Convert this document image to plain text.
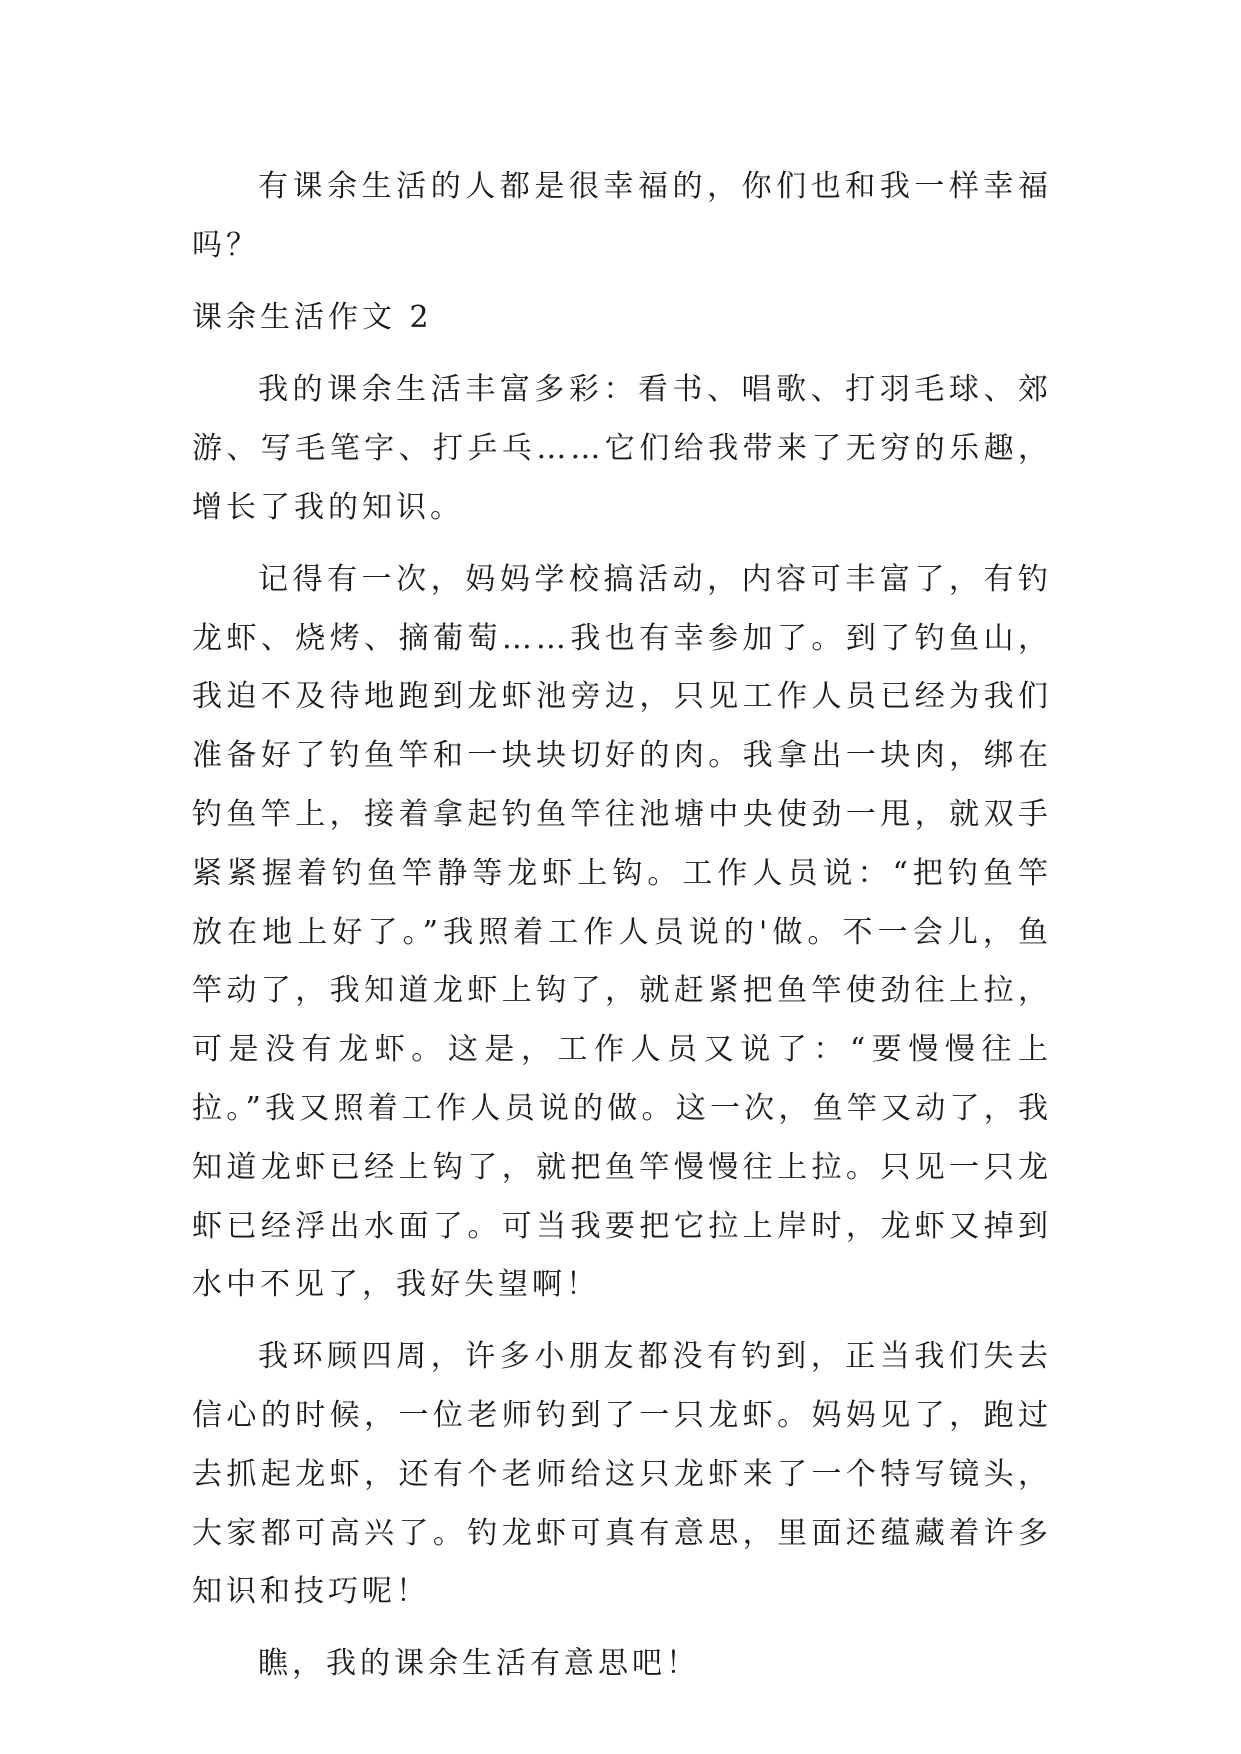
有课余生活的人都是很幸福的，你们也和我一样幸福吗？

课余生活作文 2

我的课余生活丰富多彩：看书、唱歌、打羽毛球、郊游、写毛笔字、打乒乓……它们给我带来了无穷的乐趣，增长了我的知识。

记得有一次，妈妈学校搞活动，内容可丰富了，有钓龙虾、烧烤、摘葡萄……我也有幸参加了。到了钓鱼山，我迫不及待地跑到龙虾池旁边，只见工作人员已经为我们准备好了钓鱼竿和一块块切好的肉。我拿出一块肉，绑在钓鱼竿上，接着拿起钓鱼竿往池塘中央使劲一甩，就双手紧紧握着钓鱼竿静等龙虾上钩。工作人员说：“把钓鱼竿放在地上好了。”我照着工作人员说的'做。不一会儿，鱼竿动了，我知道龙虾上钩了，就赶紧把鱼竿使劲往上拉，可是没有龙虾。这是，工作人员又说了：“要慢慢往上拉。”我又照着工作人员说的做。这一次，鱼竿又动了，我知道龙虾已经上钩了，就把鱼竿慢慢往上拉。只见一只龙虾已经浮出水面了。可当我要把它拉上岸时，龙虾又掉到水中不见了，我好失望啊！

我环顾四周，许多小朋友都没有钓到，正当我们失去信心的时候，一位老师钓到了一只龙虾。妈妈见了，跑过去抓起龙虾，还有个老师给这只龙虾来了一个特写镜头，大家都可高兴了。钓龙虾可真有意思，里面还蕴藏着许多知识和技巧呢！

瞧，我的课余生活有意思吧！
